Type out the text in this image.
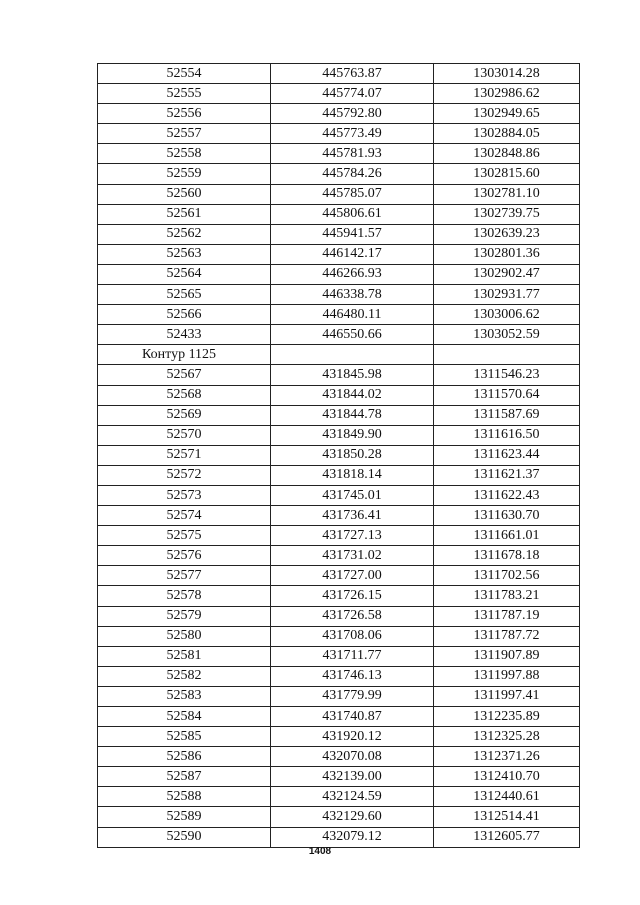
52554	445763.87	1303014.28
52555	445774.07	1302986.62
52556	445792.80	1302949.65
52557	445773.49	1302884.05
52558	445781.93	1302848.86
52559	445784.26	1302815.60
52560	445785.07	1302781.10
52561	445806.61	1302739.75
52562	445941.57	1302639.23
52563	446142.17	1302801.36
52564	446266.93	1302902.47
52565	446338.78	1302931.77
52566	446480.11	1303006.62
52433	446550.66	1303052.59
Контур 1125		
52567	431845.98	1311546.23
52568	431844.02	1311570.64
52569	431844.78	1311587.69
52570	431849.90	1311616.50
52571	431850.28	1311623.44
52572	431818.14	1311621.37
52573	431745.01	1311622.43
52574	431736.41	1311630.70
52575	431727.13	1311661.01
52576	431731.02	1311678.18
52577	431727.00	1311702.56
52578	431726.15	1311783.21
52579	431726.58	1311787.19
52580	431708.06	1311787.72
52581	431711.77	1311907.89
52582	431746.13	1311997.88
52583	431779.99	1311997.41
52584	431740.87	1312235.89
52585	431920.12	1312325.28
52586	432070.08	1312371.26
52587	432139.00	1312410.70
52588	432124.59	1312440.61
52589	432129.60	1312514.41
52590	432079.12	1312605.77
1408
